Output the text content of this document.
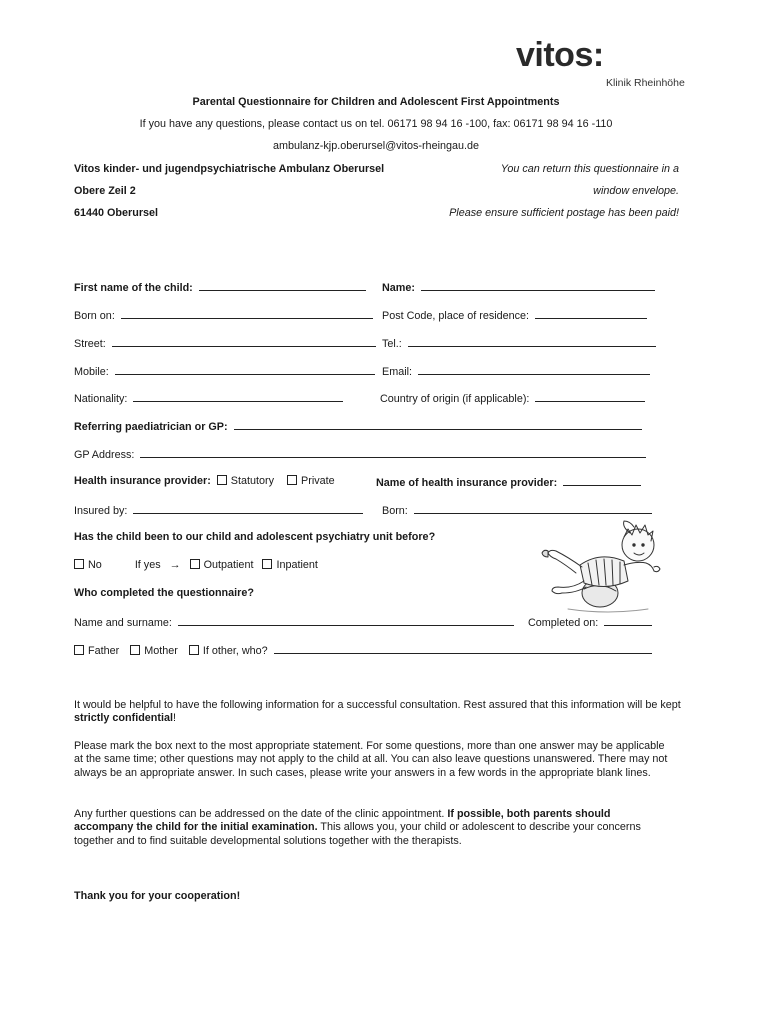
vitos:
Klinik Rheinhöhe
Parental Questionnaire for Children and Adolescent First Appointments
If you have any questions, please contact us on tel. 06171 98 94 16 -100, fax: 06171 98 94 16 -110
ambulanz-kjp.oberursel@vitos-rheingau.de
Vitos kinder- und jugendpsychiatrische Ambulanz Oberursel
Obere Zeil 2
61440 Oberursel
You can return this questionnaire in a
window envelope.
Please ensure sufficient postage has been paid!
First name of the child:	Name:
Born on:	Post Code, place of residence:
Street:	Tel.:
Mobile:	Email:
Nationality:	Country of origin (if applicable):
Referring paediatrician or GP:
GP Address:
Health insurance provider: Statutory	Private	Name of health insurance provider:
Insured by:	Born:
Has the child been to our child and adolescent psychiatry unit before?
No	If yes → Outpatient Inpatient
Who completed the questionnaire?
Name and surname:	Completed on:
Father Mother If other, who?
It would be helpful to have the following information for a successful consultation. Rest assured that this information will be kept strictly confidential!
Please mark the box next to the most appropriate statement. For some questions, more than one answer may be applicable at the same time; other questions may not apply to the child at all. You can also leave questions unanswered. There may not always be an appropriate answer. In such cases, please write your answers in a few words in the appropriate blank lines.
Any further questions can be addressed on the date of the clinic appointment. If possible, both parents should accompany the child for the initial examination. This allows you, your child or adolescent to describe your concerns together and to find suitable developmental solutions together with the therapists.
Thank you for your cooperation!
